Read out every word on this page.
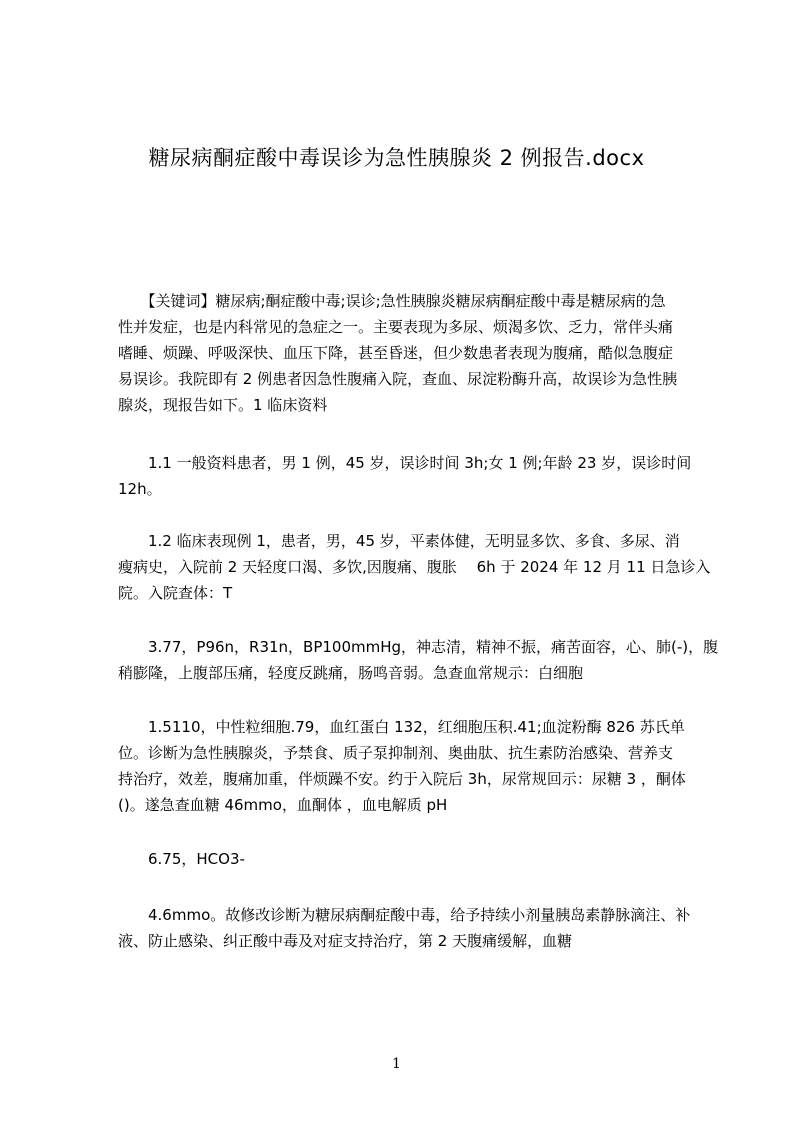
糖尿病酮症酸中毒误诊为急性胰腺炎 2 例报告.docx
　　【关键词】糖尿病;酮症酸中毒;误诊;急性胰腺炎糖尿病酮症酸中毒是糖尿病的急
性并发症，也是内科常见的急症之一。主要表现为多尿、烦渴多饮、乏力，常伴头痛
嗜睡、烦躁、呼吸深快、血压下降，甚至昏迷，但少数患者表现为腹痛，酷似急腹症
易误诊。我院即有 2 例患者因急性腹痛入院，查血、尿淀粉酶升高，故误诊为急性胰
腺炎，现报告如下。1 临床资料
　　1.1 一般资料患者，男 1 例，45 岁，误诊时间 3h;女 1 例;年龄 23 岁，误诊时间
12h。
　　1.2 临床表现例 1，患者，男，45 岁，平素体健，无明显多饮、多食、多尿、消
瘦病史，入院前 2 天轻度口渴、多饮,因腹痛、腹胀　 6h 于 2024 年 12 月 11 日急诊入
院。入院查体：T
　　3.77，P96n，R31n，BP100mmHg，神志清，精神不振，痛苦面容，心、肺(-)，腹
稍膨隆，上腹部压痛，轻度反跳痛，肠鸣音弱。急查血常规示：白细胞
　　1.5110，中性粒细胞.79，血红蛋白 132，红细胞压积.41;血淀粉酶 826 苏氏单
位。诊断为急性胰腺炎，予禁食、质子泵抑制剂、奥曲肽、抗生素防治感染、营养支
持治疗，效差，腹痛加重，伴烦躁不安。约于入院后 3h，尿常规回示：尿糖 3 ，酮体
()。遂急查血糖 46mmo，血酮体 ，血电解质 pH
　　6.75，HCO3-
　　4.6mmo。故修改诊断为糖尿病酮症酸中毒，给予持续小剂量胰岛素静脉滴注、补
液、防止感染、纠正酸中毒及对症支持治疗，第 2 天腹痛缓解，血糖
1
